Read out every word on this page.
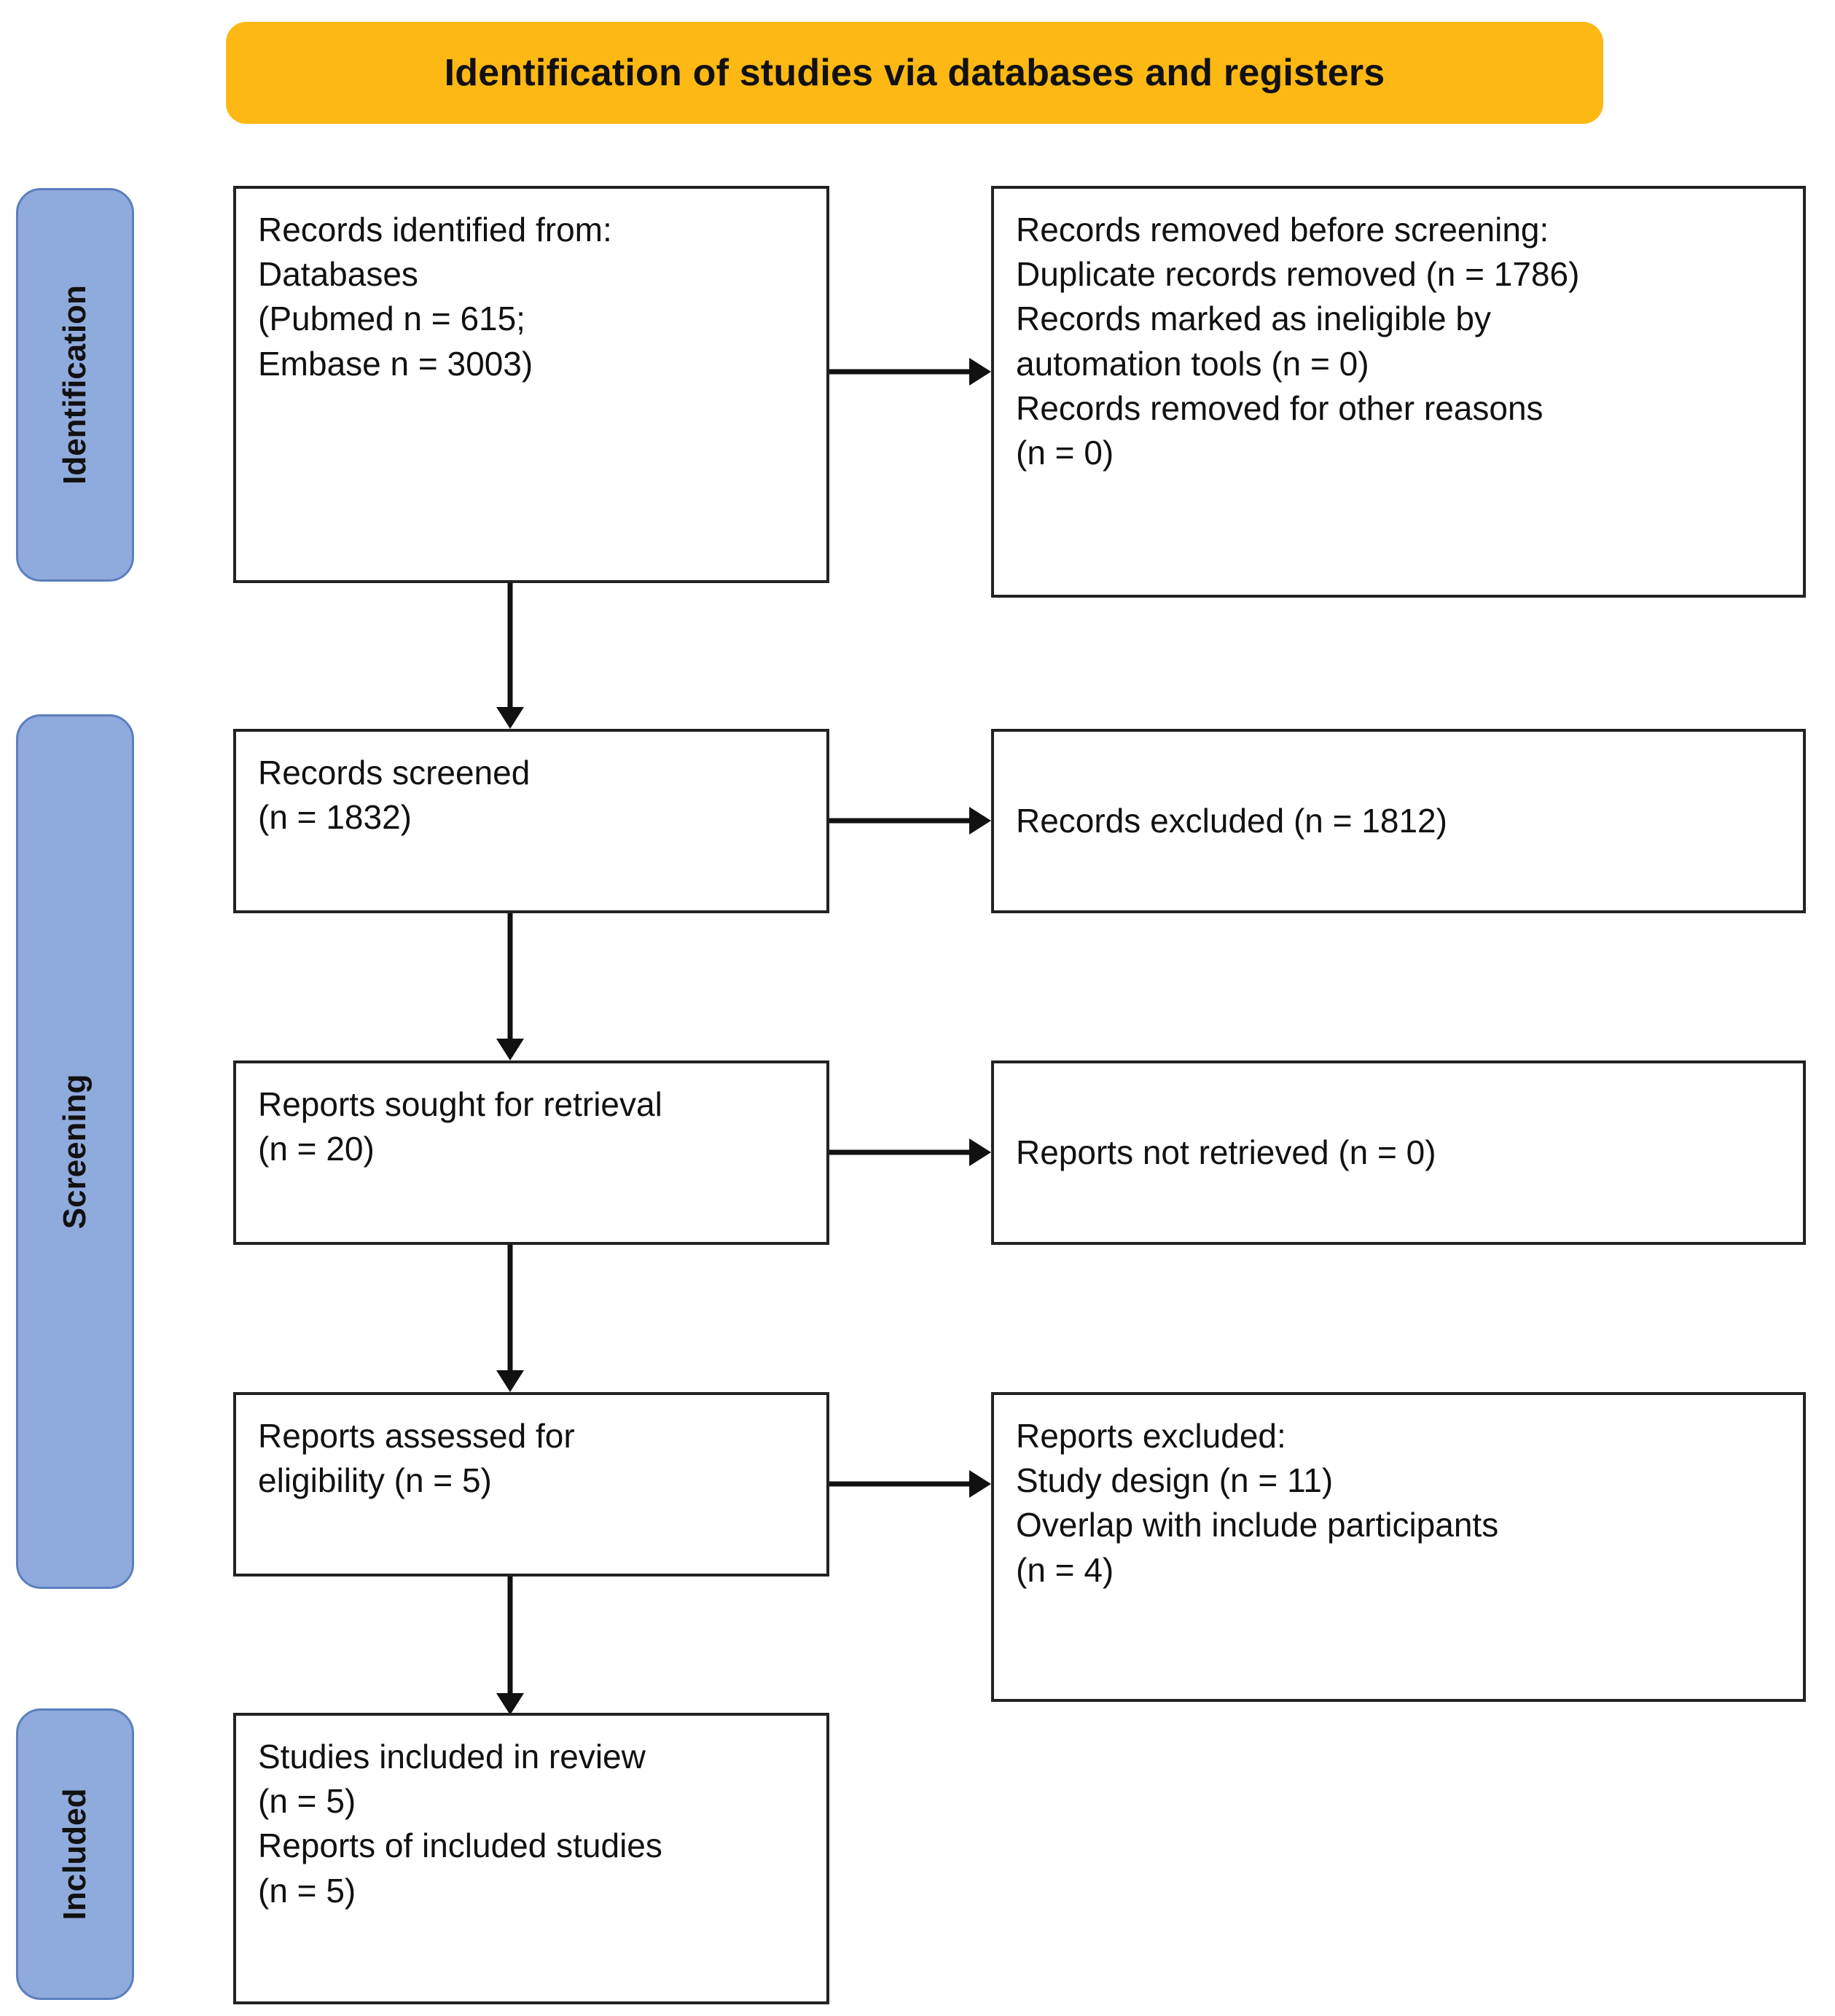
Identification of studies via databases and registers
Identification
Screening
Included
Records identified from:
Databases
(Pubmed n = 615;
Embase n = 3003)
Records removed before screening:
Duplicate records removed (n = 1786)
Records marked as ineligible by
automation tools (n = 0)
Records removed for other reasons
(n = 0)
Records screened
(n = 1832)	Records excluded (n = 1812)
Reports sought for retrieval
(n = 20)	Reports not retrieved (n = 0)
Reports assessed for
eligibility (n = 5)
Reports excluded:
Study design (n = 11)
Overlap with include participants
(n = 4)
Studies included in review
(n = 5)
Reports of included studies
(n = 5)
